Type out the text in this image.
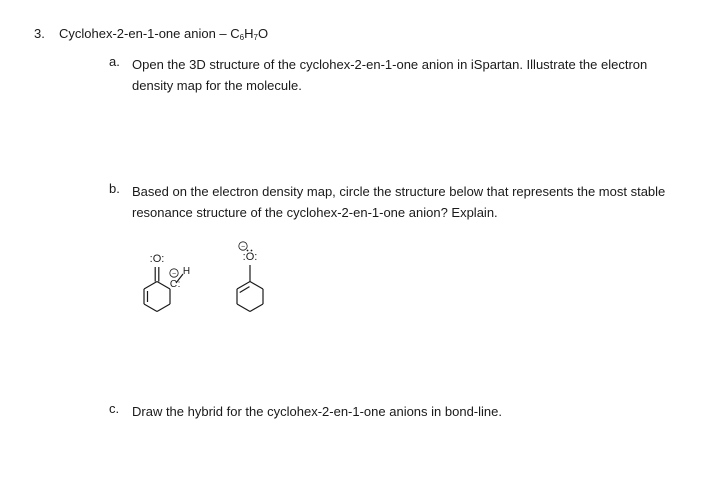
3. Cyclohex-2-en-1-one anion – $C_6H_7O$
a. Open the 3D structure of the cyclohex-2-en-1-one anion in iSpartan. Illustrate the electron density map for the molecule.
b. Based on the electron density map, circle the structure below that represents the most stable resonance structure of the cyclohex-2-en-1-one anion? Explain.
:O:
−
C :
H
−
:O:
c. Draw the hybrid for the cyclohex-2-en-1-one anions in bond-line.
